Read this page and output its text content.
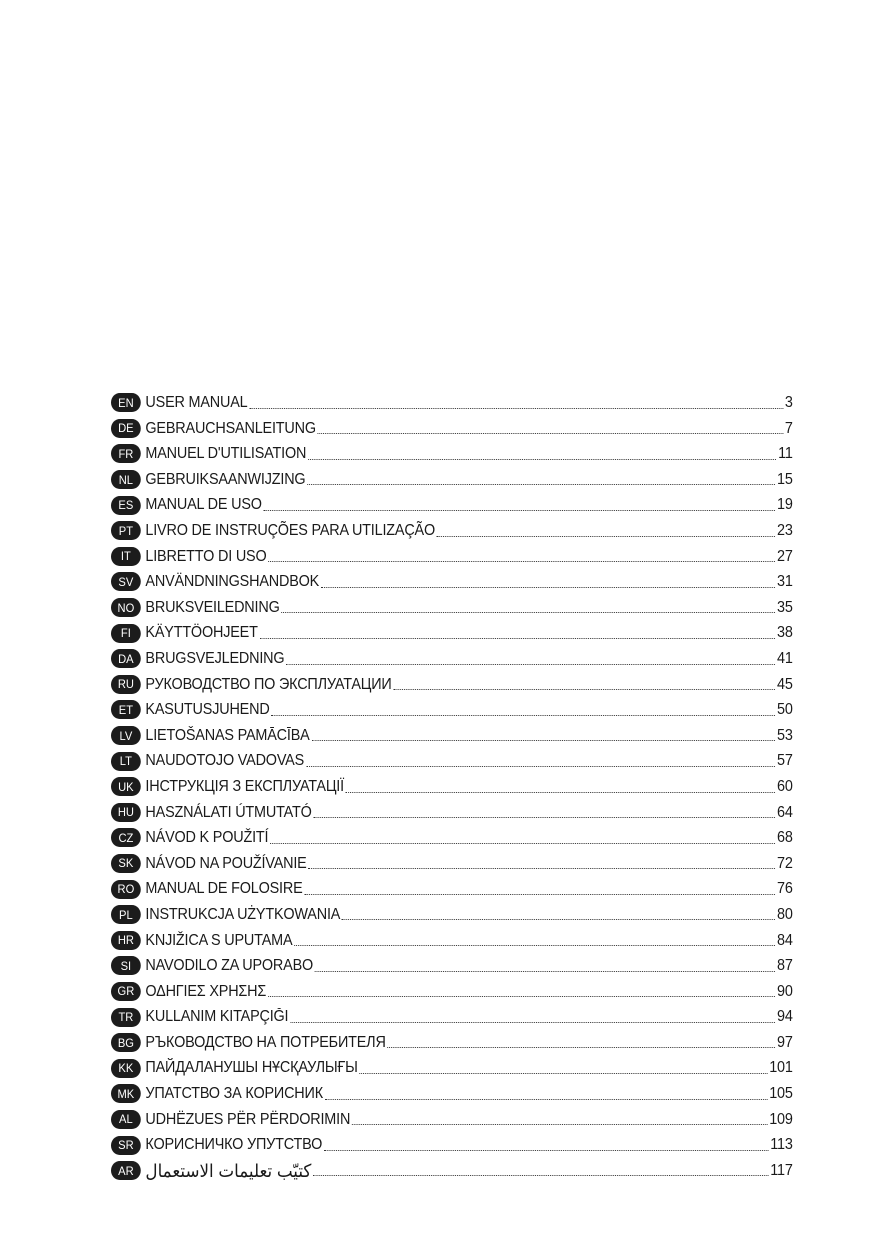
EN USER MANUAL	3
DE GEBRAUCHSANLEITUNG	7
FR MANUEL D'UTILISATION	11
NL GEBRUIKSAANWIJZING	15
ES MANUAL DE USO	19
PT LIVRO DE INSTRUÇÕES PARA UTILIZAÇÃO	23
IT LIBRETTO DI USO	27
SV ANVÄNDNINGSHANDBOK	31
NO BRUKSVEILEDNING	35
FI KÄYTTÖOHJEET	38
DA BRUGSVEJLEDNING	41
RU РУКОВОДСТВО ПО ЭКСПЛУАТАЦИИ	45
ET KASUTUSJUHEND	50
LV LIETOŠANAS PAMĀCĪBA	53
LT NAUDOTOJO VADOVAS	57
UK ІНСТРУКЦІЯ З ЕКСПЛУАТАЦІЇ	60
HU HASZNÁLATI ÚTMUTATÓ	64
CZ NÁVOD K POUŽITÍ	68
SK NÁVOD NA POUŽÍVANIE	72
RO MANUAL DE FOLOSIRE	76
PL INSTRUKCJA UŻYTKOWANIA	80
HR KNJIŽICA S UPUTAMA	84
SI NAVODILO ZA UPORABO	87
GR ΟΔΗΓΙΕΣ ΧΡΗΣΗΣ	90
TR KULLANIM KITAPÇIĞI	94
BG РЪКОВОДСТВО НА ПОТРЕБИТЕЛЯ	97
KK ПАЙДАЛАНУШЫ НҰСҚАУЛЫҒЫ	101
MK УПАТСТВО ЗА КОРИСНИК	105
AL UDHËZUES PËR PËRDORIMIN	109
SR КОРИСНИЧКО УПУТСТВО	113
AR كتيّب تعليمات الاستعمال	117
